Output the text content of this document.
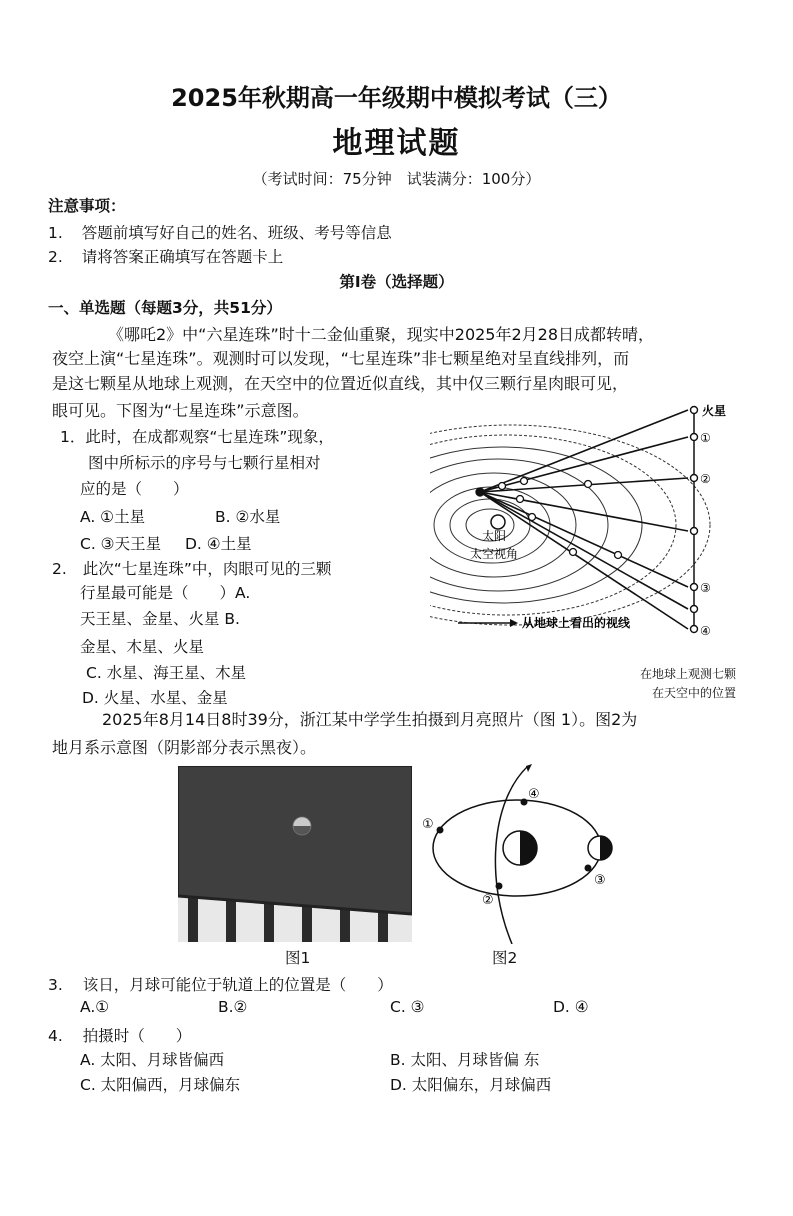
2025年秋期高一年级期中模拟考试（三）
地理试题
（考试时间：75分钟　试装满分：100分）
注意事项：
1. 答题前填写好自己的姓名、班级、考号等信息
2. 请将答案正确填写在答题卡上
第Ⅰ卷（选择题）
一、单选题（每题3分，共51分）
《哪吒2》中“六星连珠”时十二金仙重聚，现实中2025年2月28日成都转晴，
夜空上演“七星连珠”。观测时可以发现，“七星连珠”非七颗星绝对呈直线排列，而
是这七颗星从地球上观测，在天空中的位置近似直线，其中仅三颗行星肉眼可见，
眼可见。下图为“七星连珠”示意图。
1．此时，在成都观察“七星连珠”现象，
图中所标示的序号与七颗行星相对
应的是（　　）
A. ①土星	B. ②水星
C. ③天王星 D. ④土星
2. 此次“七星连珠”中，肉眼可见的三颗
行星最可能是（　　）A.
天王星、金星、火星 B.
金星、木星、火星
C. 水星、海王星、木星
D. 火星、水星、金星
太阳
太空视角
火星
①
②
③
④
从地球上看出的视线
在地球上观测七颗
在天空中的位置
2025年8月14日8时39分，浙江某中学学生拍摄到月亮照片（图 1）。图2为
地月系示意图（阴影部分表示黑夜）。
图1
①
②
③
④
图2
3. 该日，月球可能位于轨道上的位置是（　　）
A.①	B.②	C. ③	D. ④
4. 拍摄时（　　）
A. 太阳、月球皆偏西	B. 太阳、月球皆偏 东
C. 太阳偏西，月球偏东	D. 太阳偏东，月球偏西
